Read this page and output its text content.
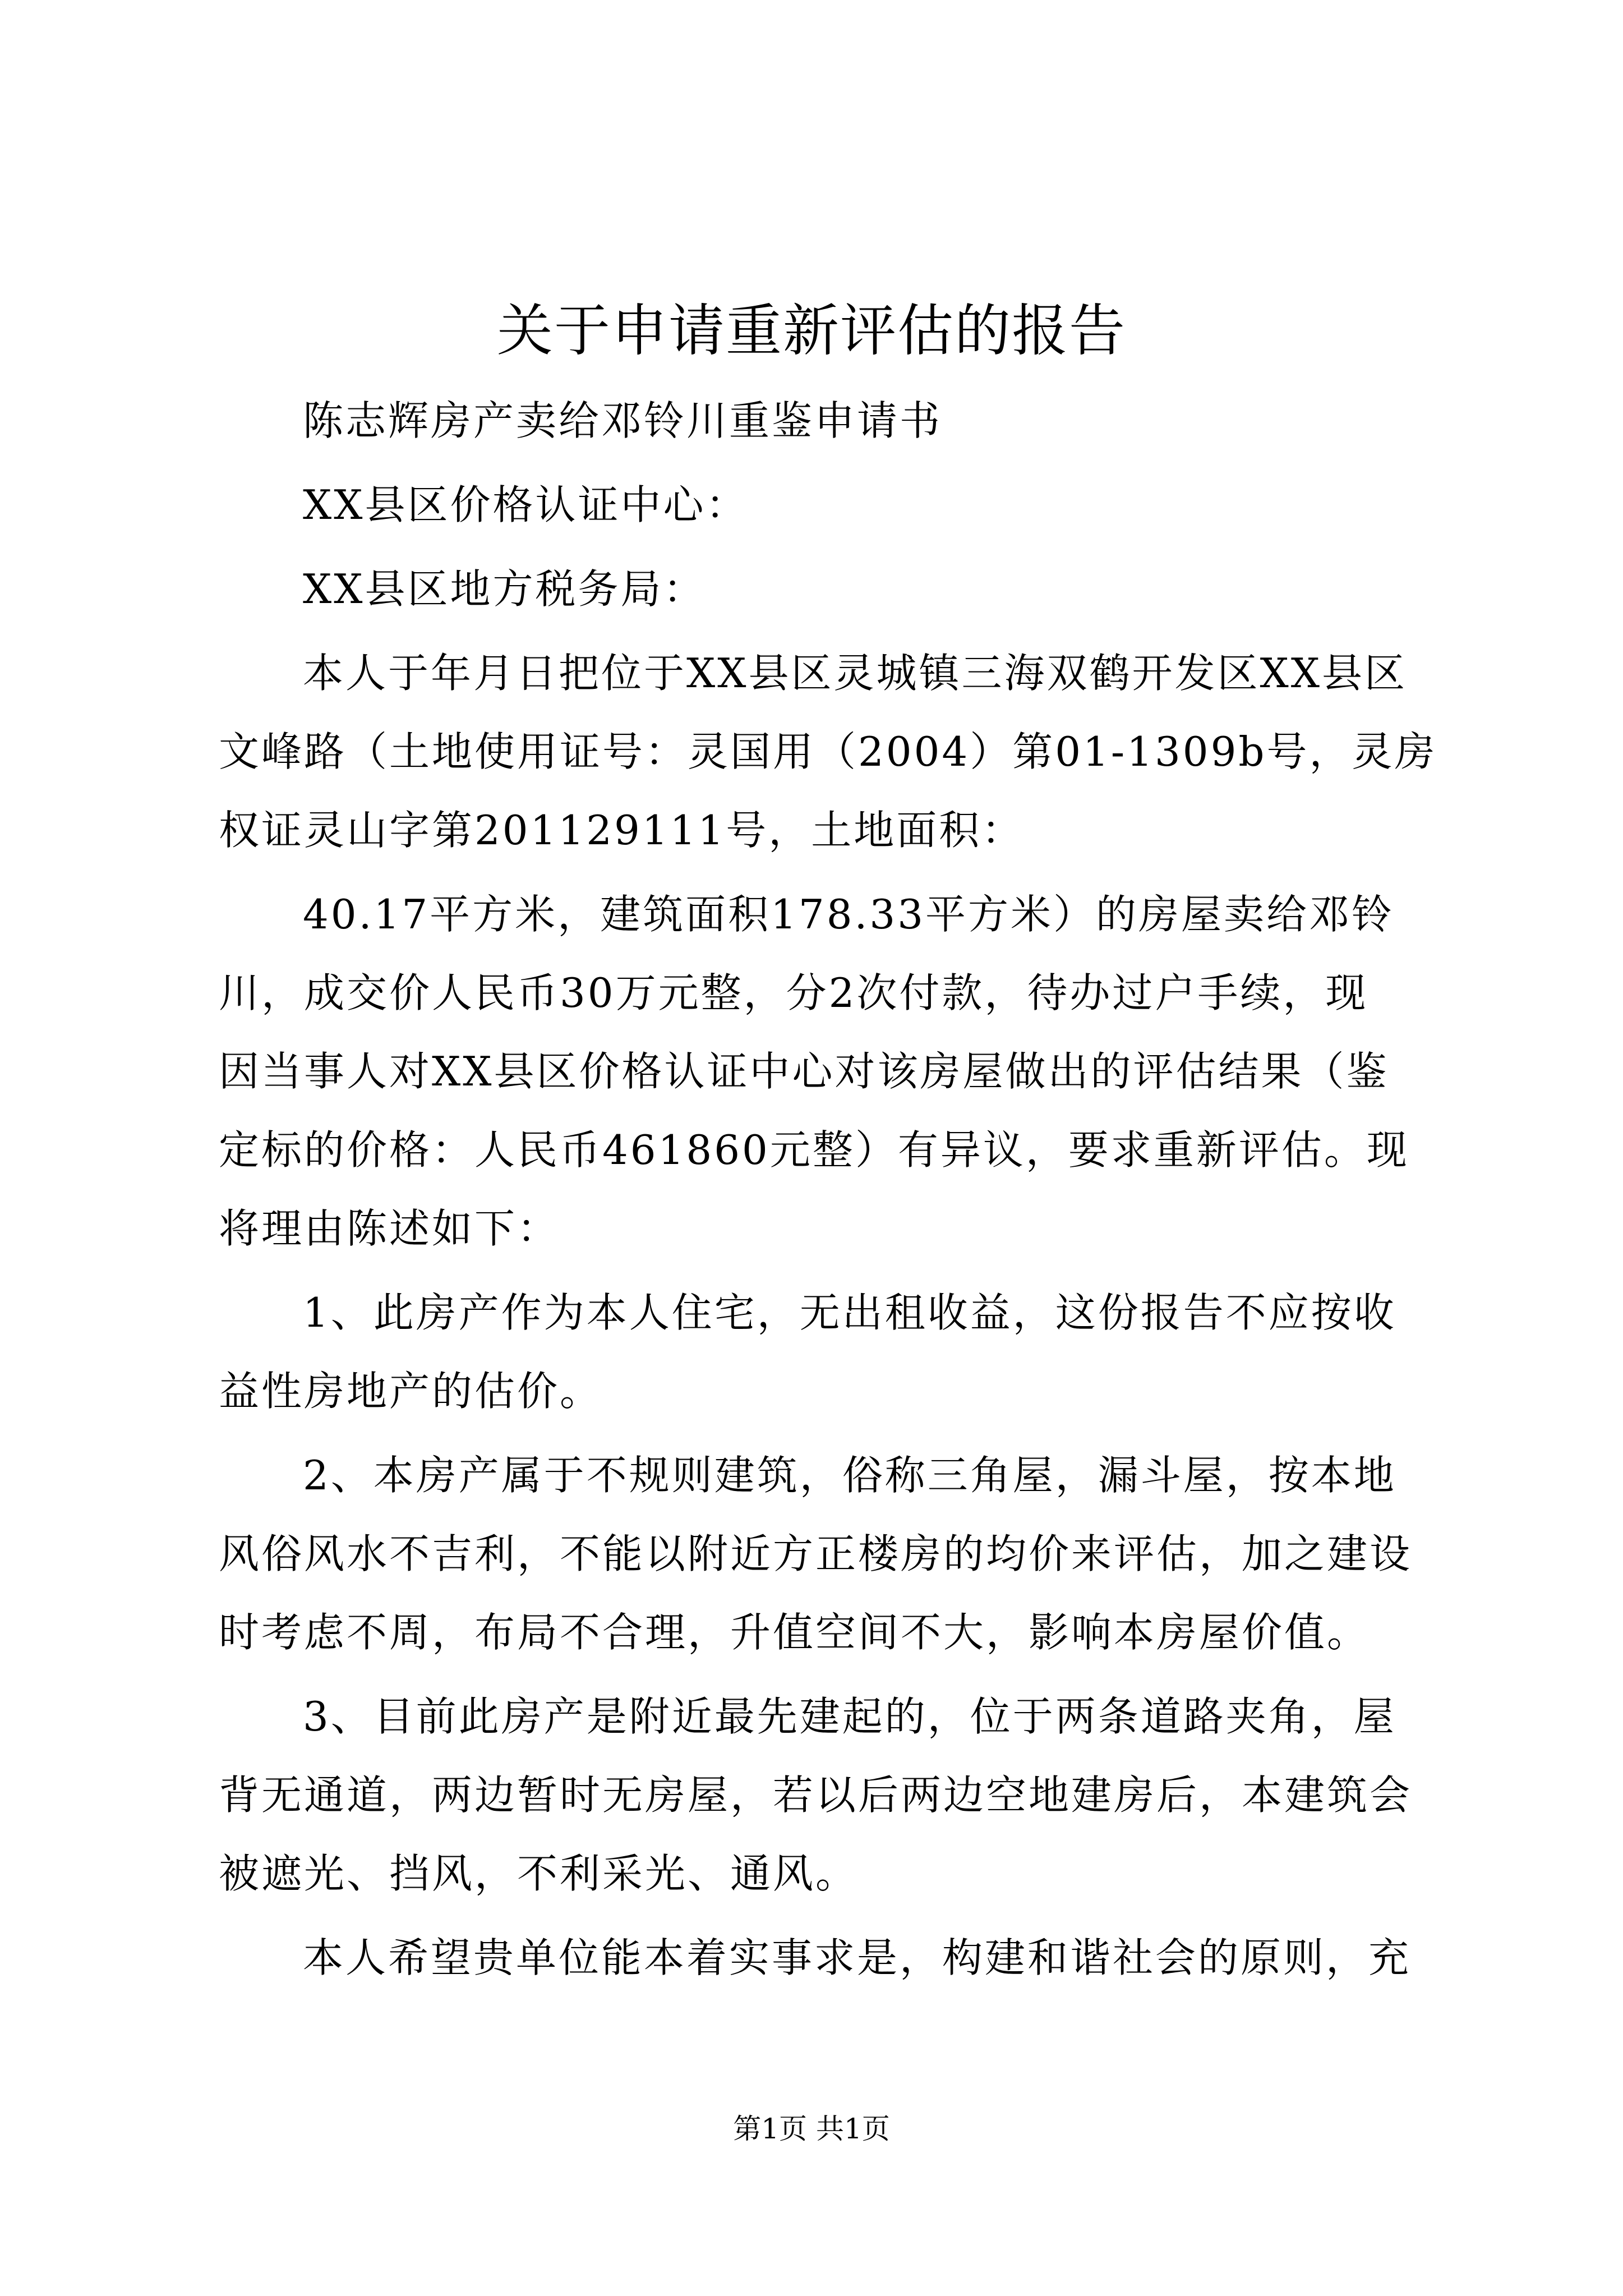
关于申请重新评估的报告
陈志辉房产卖给邓铃川重鉴申请书
XX县区价格认证中心：
XX县区地方税务局：
本人于年月日把位于XX县区灵城镇三海双鹤开发区XX县区
文峰路（土地使用证号：灵国用（2004）第01-1309b号，灵房
权证灵山字第201129111号，土地面积：
40.17平方米，建筑面积178.33平方米）的房屋卖给邓铃
川，成交价人民币30万元整，分2次付款，待办过户手续，现
因当事人对XX县区价格认证中心对该房屋做出的评估结果（鉴
定标的价格：人民币461860元整）有异议，要求重新评估。现
将理由陈述如下：
1、此房产作为本人住宅，无出租收益，这份报告不应按收
益性房地产的估价。
2、本房产属于不规则建筑，俗称三角屋，漏斗屋，按本地
风俗风水不吉利，不能以附近方正楼房的均价来评估，加之建设
时考虑不周，布局不合理，升值空间不大，影响本房屋价值。
3、目前此房产是附近最先建起的，位于两条道路夹角，屋
背无通道，两边暂时无房屋，若以后两边空地建房后，本建筑会
被遮光、挡风，不利采光、通风。
本人希望贵单位能本着实事求是，构建和谐社会的原则，充
第1页 共1页
